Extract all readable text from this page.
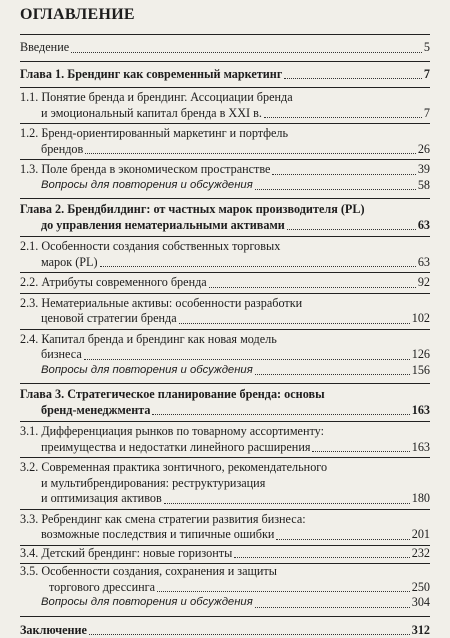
ОГЛАВЛЕНИЕ
Введение	5
Глава 1. Брендинг как современный маркетинг	7
1.1. Понятие бренда и брендинг. Ассоциации бренда
и эмоциональный капитал бренда в XXI в.	7
1.2. Бренд-ориентированный маркетинг и портфель
брендов	26
1.3. Поле бренда в экономическом пространстве	39
Вопросы для повторения и обсуждения	58
Глава 2. Брендбилдинг: от частных марок производителя (PL)
до управления нематериальными активами	63
2.1. Особенности создания собственных торговых
марок (PL)	63
2.2. Атрибуты современного бренда	92
2.3. Нематериальные активы: особенности разработки
ценовой стратегии бренда	102
2.4. Капитал бренда и брендинг как новая модель
бизнеса	126
Вопросы для повторения и обсуждения	156
Глава 3. Стратегическое планирование бренда: основы
бренд-менеджмента	163
3.1. Дифференциация рынков по товарному ассортименту:
преимущества и недостатки линейного расширения	163
3.2. Современная практика зонтичного, рекомендательного
и мультибрендирования: реструктуризация
и оптимизация активов	180
3.3. Ребрендинг как смена стратегии развития бизнеса:
возможные последствия и типичные ошибки	201
3.4. Детский брендинг: новые горизонты	232
3.5. Особенности создания, сохранения и защиты
торгового дрессинга	250
Вопросы для повторения и обсуждения	304
Заключение	312
